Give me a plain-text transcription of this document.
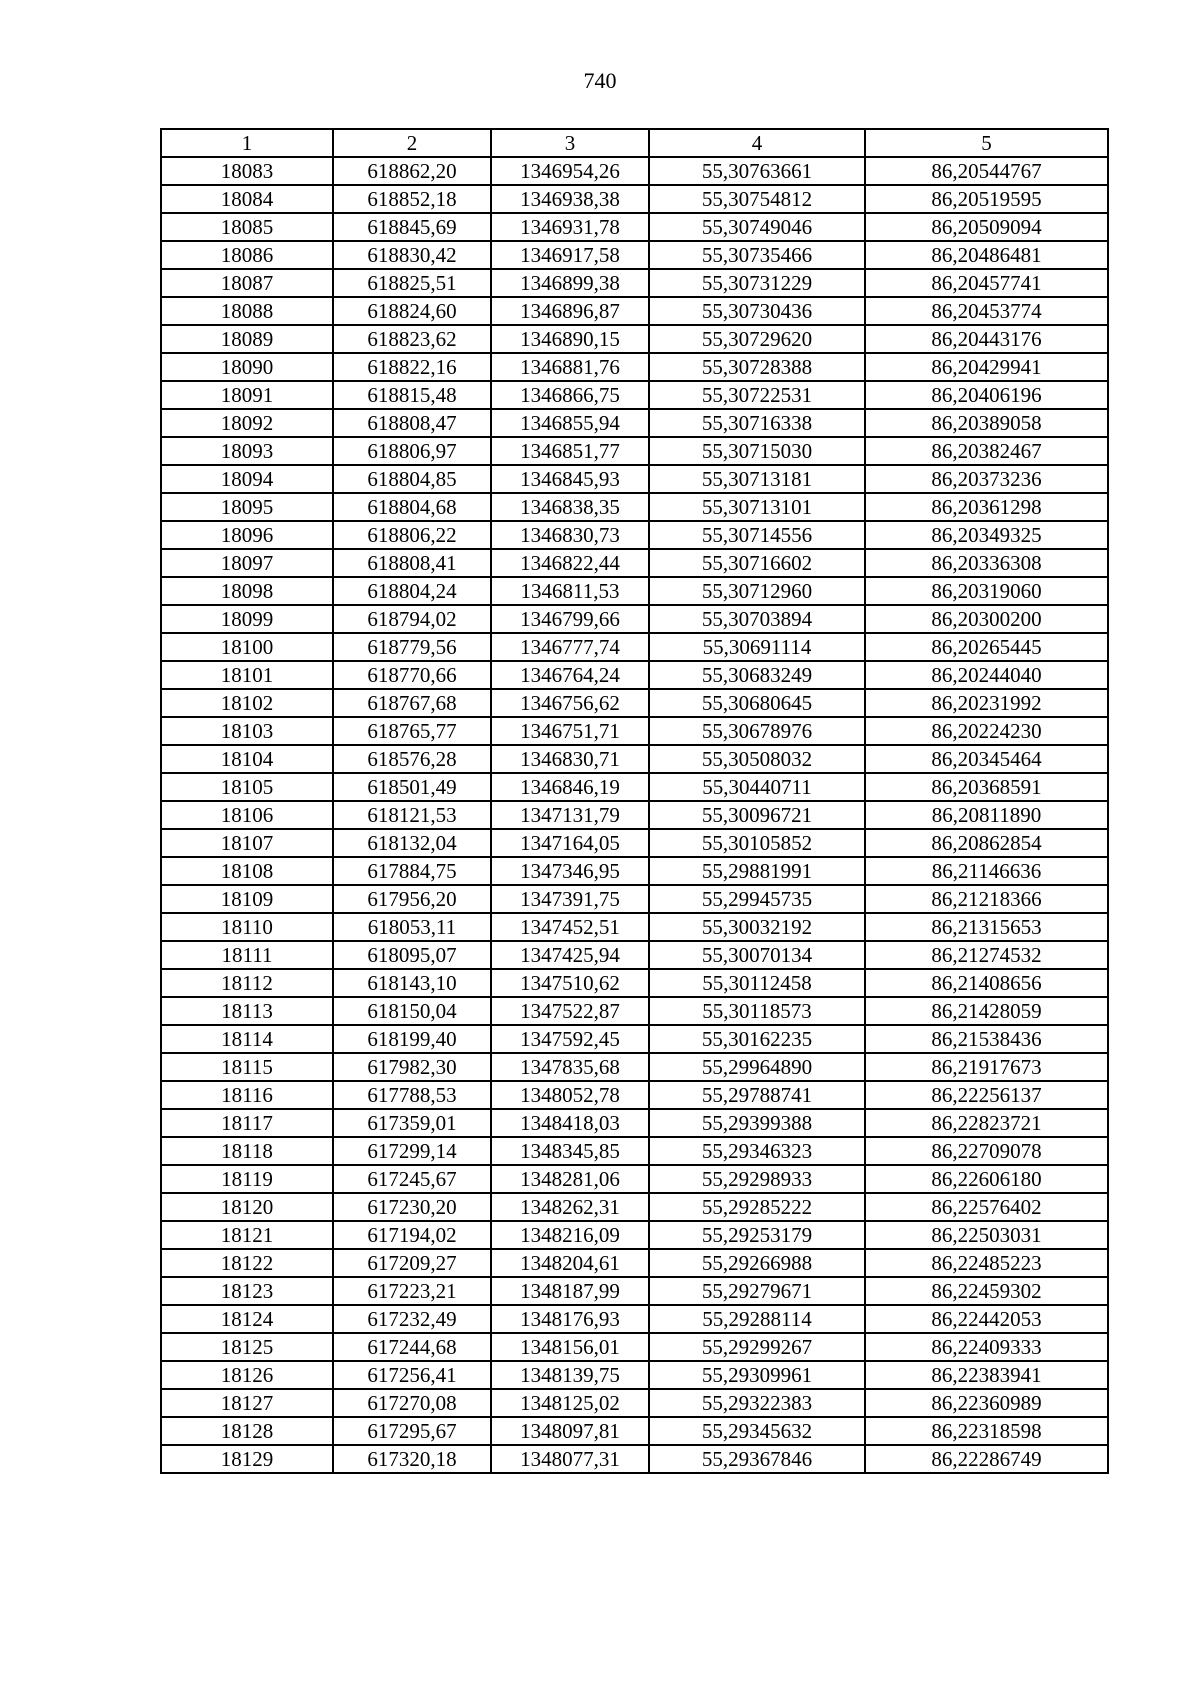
740
1	2	3	4	5
18083	618862,20	1346954,26	55,30763661	86,20544767
18084	618852,18	1346938,38	55,30754812	86,20519595
18085	618845,69	1346931,78	55,30749046	86,20509094
18086	618830,42	1346917,58	55,30735466	86,20486481
18087	618825,51	1346899,38	55,30731229	86,20457741
18088	618824,60	1346896,87	55,30730436	86,20453774
18089	618823,62	1346890,15	55,30729620	86,20443176
18090	618822,16	1346881,76	55,30728388	86,20429941
18091	618815,48	1346866,75	55,30722531	86,20406196
18092	618808,47	1346855,94	55,30716338	86,20389058
18093	618806,97	1346851,77	55,30715030	86,20382467
18094	618804,85	1346845,93	55,30713181	86,20373236
18095	618804,68	1346838,35	55,30713101	86,20361298
18096	618806,22	1346830,73	55,30714556	86,20349325
18097	618808,41	1346822,44	55,30716602	86,20336308
18098	618804,24	1346811,53	55,30712960	86,20319060
18099	618794,02	1346799,66	55,30703894	86,20300200
18100	618779,56	1346777,74	55,30691114	86,20265445
18101	618770,66	1346764,24	55,30683249	86,20244040
18102	618767,68	1346756,62	55,30680645	86,20231992
18103	618765,77	1346751,71	55,30678976	86,20224230
18104	618576,28	1346830,71	55,30508032	86,20345464
18105	618501,49	1346846,19	55,30440711	86,20368591
18106	618121,53	1347131,79	55,30096721	86,20811890
18107	618132,04	1347164,05	55,30105852	86,20862854
18108	617884,75	1347346,95	55,29881991	86,21146636
18109	617956,20	1347391,75	55,29945735	86,21218366
18110	618053,11	1347452,51	55,30032192	86,21315653
18111	618095,07	1347425,94	55,30070134	86,21274532
18112	618143,10	1347510,62	55,30112458	86,21408656
18113	618150,04	1347522,87	55,30118573	86,21428059
18114	618199,40	1347592,45	55,30162235	86,21538436
18115	617982,30	1347835,68	55,29964890	86,21917673
18116	617788,53	1348052,78	55,29788741	86,22256137
18117	617359,01	1348418,03	55,29399388	86,22823721
18118	617299,14	1348345,85	55,29346323	86,22709078
18119	617245,67	1348281,06	55,29298933	86,22606180
18120	617230,20	1348262,31	55,29285222	86,22576402
18121	617194,02	1348216,09	55,29253179	86,22503031
18122	617209,27	1348204,61	55,29266988	86,22485223
18123	617223,21	1348187,99	55,29279671	86,22459302
18124	617232,49	1348176,93	55,29288114	86,22442053
18125	617244,68	1348156,01	55,29299267	86,22409333
18126	617256,41	1348139,75	55,29309961	86,22383941
18127	617270,08	1348125,02	55,29322383	86,22360989
18128	617295,67	1348097,81	55,29345632	86,22318598
18129	617320,18	1348077,31	55,29367846	86,22286749
